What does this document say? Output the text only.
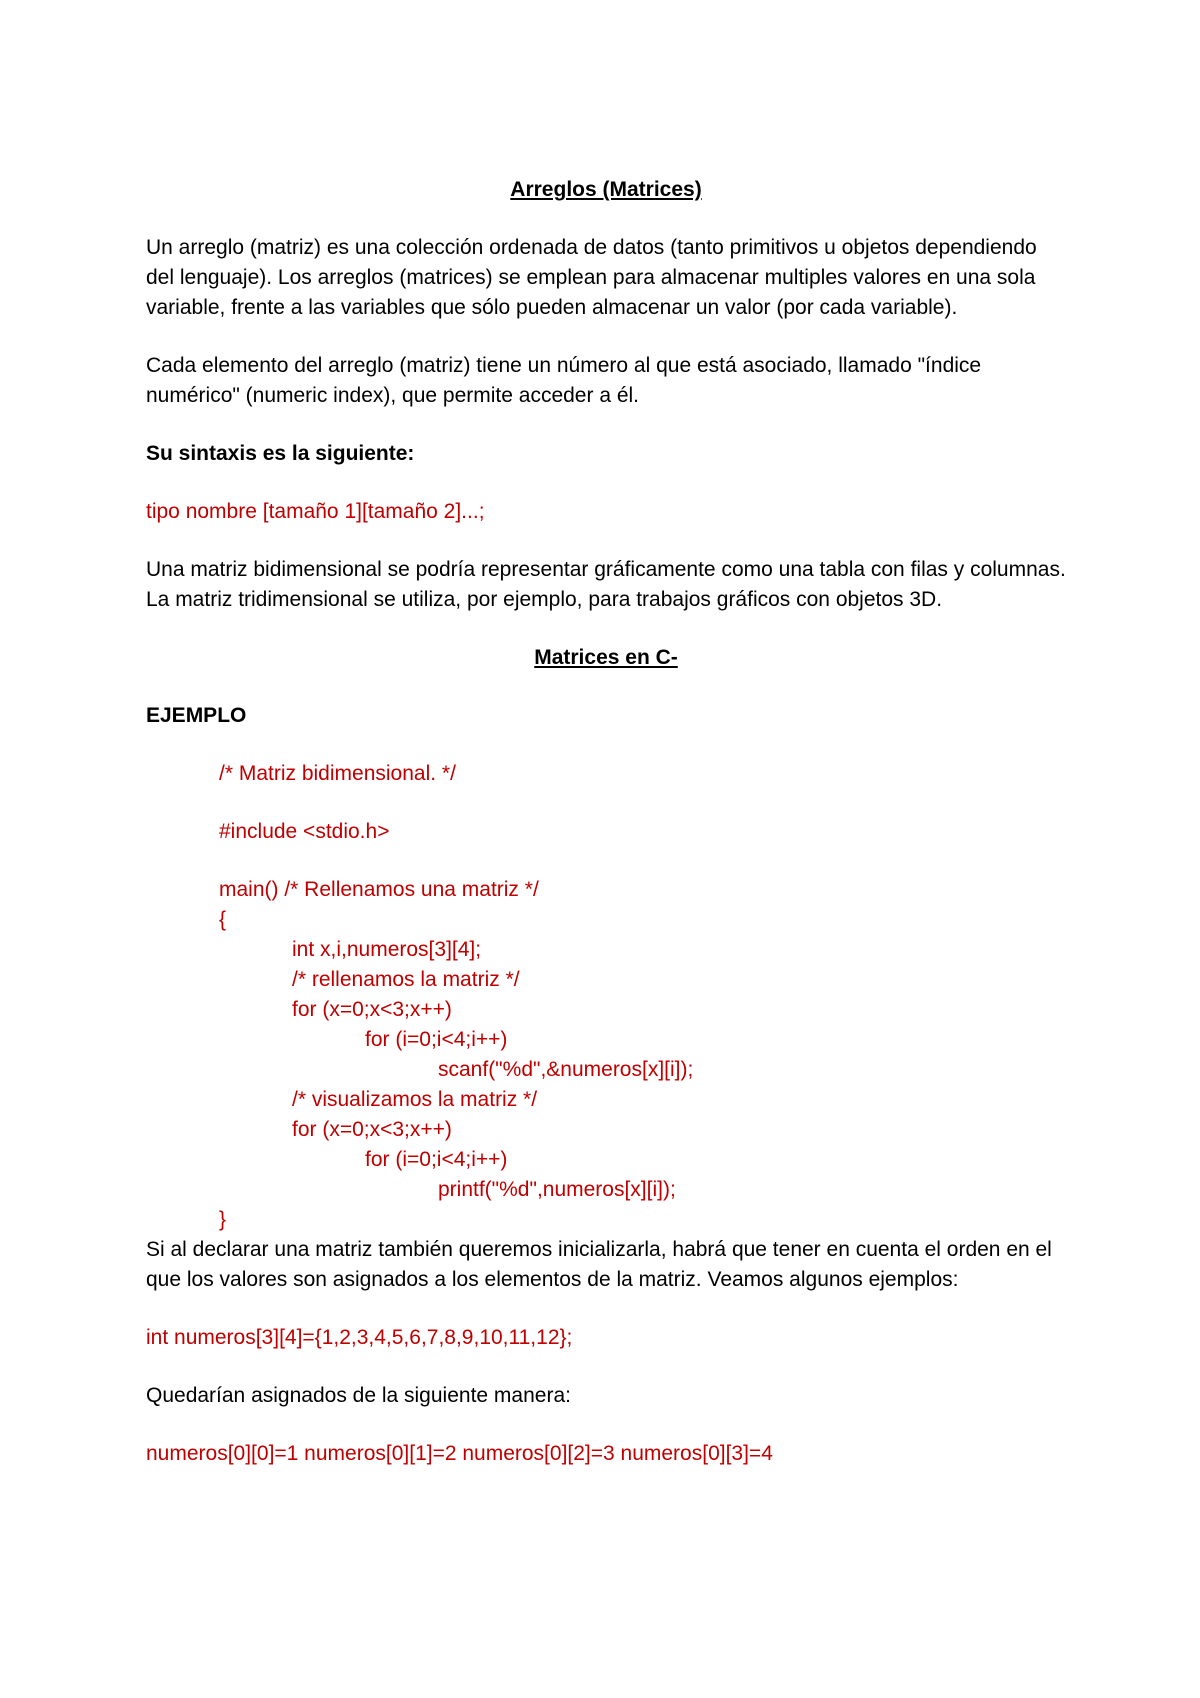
Arreglos (Matrices)

Un arreglo (matriz) es una colección ordenada de datos (tanto primitivos u objetos dependiendo del lenguaje). Los arreglos (matrices) se emplean para almacenar multiples valores en una sola variable, frente a las variables que sólo pueden almacenar un valor (por cada variable).

Cada elemento del arreglo (matriz) tiene un número al que está asociado, llamado "índice numérico" (numeric index), que permite acceder a él.

Su sintaxis es la siguiente:

tipo nombre [tamaño 1][tamaño 2]...;

Una matriz bidimensional se podría representar gráficamente como una tabla con filas y columnas. La matriz tridimensional se utiliza, por ejemplo, para trabajos gráficos con objetos 3D.

Matrices en C-

EJEMPLO

/* Matriz bidimensional. */

#include <stdio.h>

main() /* Rellenamos una matriz */

{

int x,i,numeros[3][4];

/* rellenamos la matriz */

for (x=0;x<3;x++)

for (i=0;i<4;i++)

scanf("%d",&numeros[x][i]);

/* visualizamos la matriz */

for (x=0;x<3;x++)

for (i=0;i<4;i++)

printf("%d",numeros[x][i]);

}

Si al declarar una matriz también queremos inicializarla, habrá que tener en cuenta el orden en el que los valores son asignados a los elementos de la matriz. Veamos algunos ejemplos:

int numeros[3][4]={1,2,3,4,5,6,7,8,9,10,11,12};

Quedarían asignados de la siguiente manera:

numeros[0][0]=1 numeros[0][1]=2 numeros[0][2]=3 numeros[0][3]=4
